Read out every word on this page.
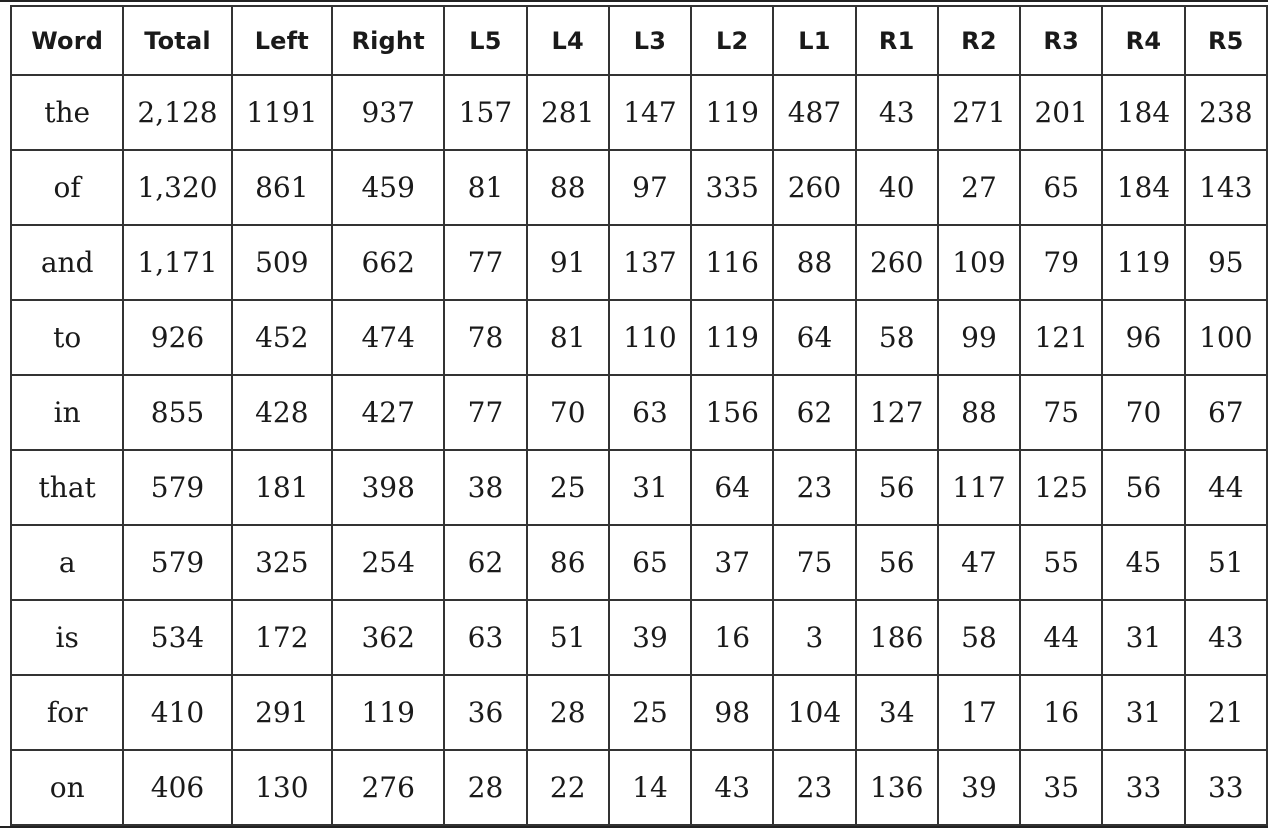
Word	Total	Left	Right	L5	L4	L3	L2	L1	R1	R2	R3	R4	R5
the	2,128	1191	937	157	281	147	119	487	43	271	201	184	238
of	1,320	861	459	81	88	97	335	260	40	27	65	184	143
and	1,171	509	662	77	91	137	116	88	260	109	79	119	95
to	926	452	474	78	81	110	119	64	58	99	121	96	100
in	855	428	427	77	70	63	156	62	127	88	75	70	67
that	579	181	398	38	25	31	64	23	56	117	125	56	44
a	579	325	254	62	86	65	37	75	56	47	55	45	51
is	534	172	362	63	51	39	16	3	186	58	44	31	43
for	410	291	119	36	28	25	98	104	34	17	16	31	21
on	406	130	276	28	22	14	43	23	136	39	35	33	33
